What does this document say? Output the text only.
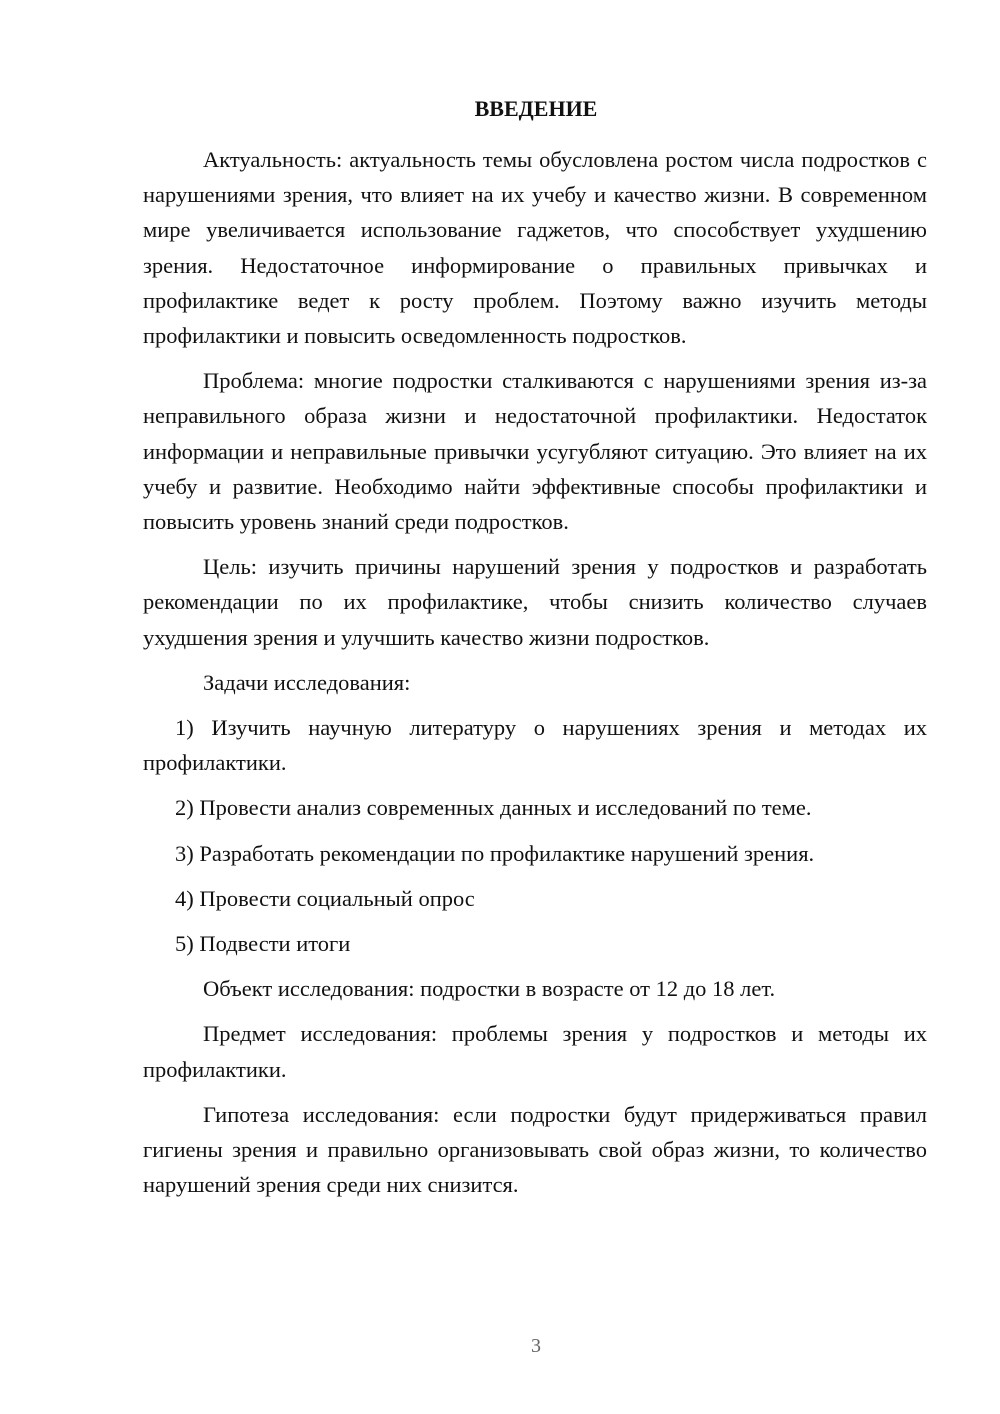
ВВЕДЕНИЕ

Актуальность: актуальность темы обусловлена ростом числа подростков с нарушениями зрения, что влияет на их учебу и качество жизни. В современном мире увеличивается использование гаджетов, что способствует ухудшению зрения. Недостаточное информирование о правильных привычках и профилактике ведет к росту проблем. Поэтому важно изучить методы профилактики и повысить осведомленность подростков.

Проблема: многие подростки сталкиваются с нарушениями зрения из-за неправильного образа жизни и недостаточной профилактики. Недостаток информации и неправильные привычки усугубляют ситуацию. Это влияет на их учебу и развитие. Необходимо найти эффективные способы профилактики и повысить уровень знаний среди подростков.

Цель: изучить причины нарушений зрения у подростков и разработать рекомендации по их профилактике, чтобы снизить количество случаев ухудшения зрения и улучшить качество жизни подростков.

Задачи исследования:

1) Изучить научную литературу о нарушениях зрения и методах их профилактики.

2) Провести анализ современных данных и исследований по теме.

3) Разработать рекомендации по профилактике нарушений зрения.

4) Провести социальный опрос

5) Подвести итоги

Объект исследования: подростки в возрасте от 12 до 18 лет.

Предмет исследования: проблемы зрения у подростков и методы их профилактики.

Гипотеза исследования: если подростки будут придерживаться правил гигиены зрения и правильно организовывать свой образ жизни, то количество нарушений зрения среди них снизится.

3
